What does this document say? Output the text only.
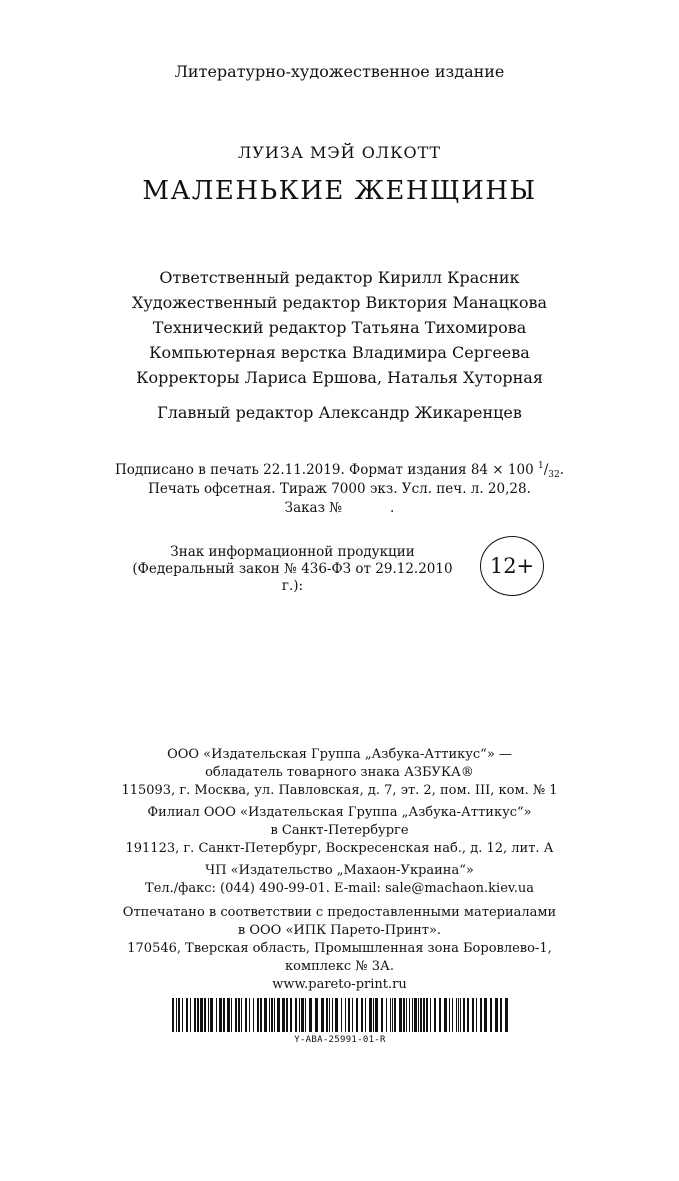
Литературно-художественное издание
ЛУИЗА МЭЙ ОЛКОТТ
МАЛЕНЬКИЕ ЖЕНЩИНЫ
Ответственный редактор Кирилл Красник
Художественный редактор Виктория Манацкова
Технический редактор Татьяна Тихомирова
Компьютерная верстка Владимира Сергеева
Корректоры Лариса Ершова, Наталья Хуторная
Главный редактор Александр Жикаренцев
Подписано в печать 22.11.2019. Формат издания 84 × 100 $^1/_{32}$.
Печать офсетная. Тираж 7000 экз. Усл. печ. л. 20,28.
Заказ №	.
Знак информационной продукции
(Федеральный закон № 436-ФЗ от 29.12.2010 г.):
12+
ООО «Издательская Группа „Азбука-Аттикус“» —
обладатель товарного знака АЗБУКА®
115093, г. Москва, ул. Павловская, д. 7, эт. 2, пом. III, ком. № 1
Филиал ООО «Издательская Группа „Азбука-Аттикус“»
в Санкт-Петербурге
191123, г. Санкт-Петербург, Воскресенская наб., д. 12, лит. А
ЧП «Издательство „Махаон-Украина“»
Тел./факс: (044) 490-99-01. E-mail: sale@machaon.kiev.ua
Отпечатано в соответствии с предоставленными материалами
в ООО «ИПК Парето-Принт».
170546, Тверская область, Промышленная зона Боровлево-1,
комплекс № 3А.
www.pareto-print.ru
Y-ABA-25991-01-R
